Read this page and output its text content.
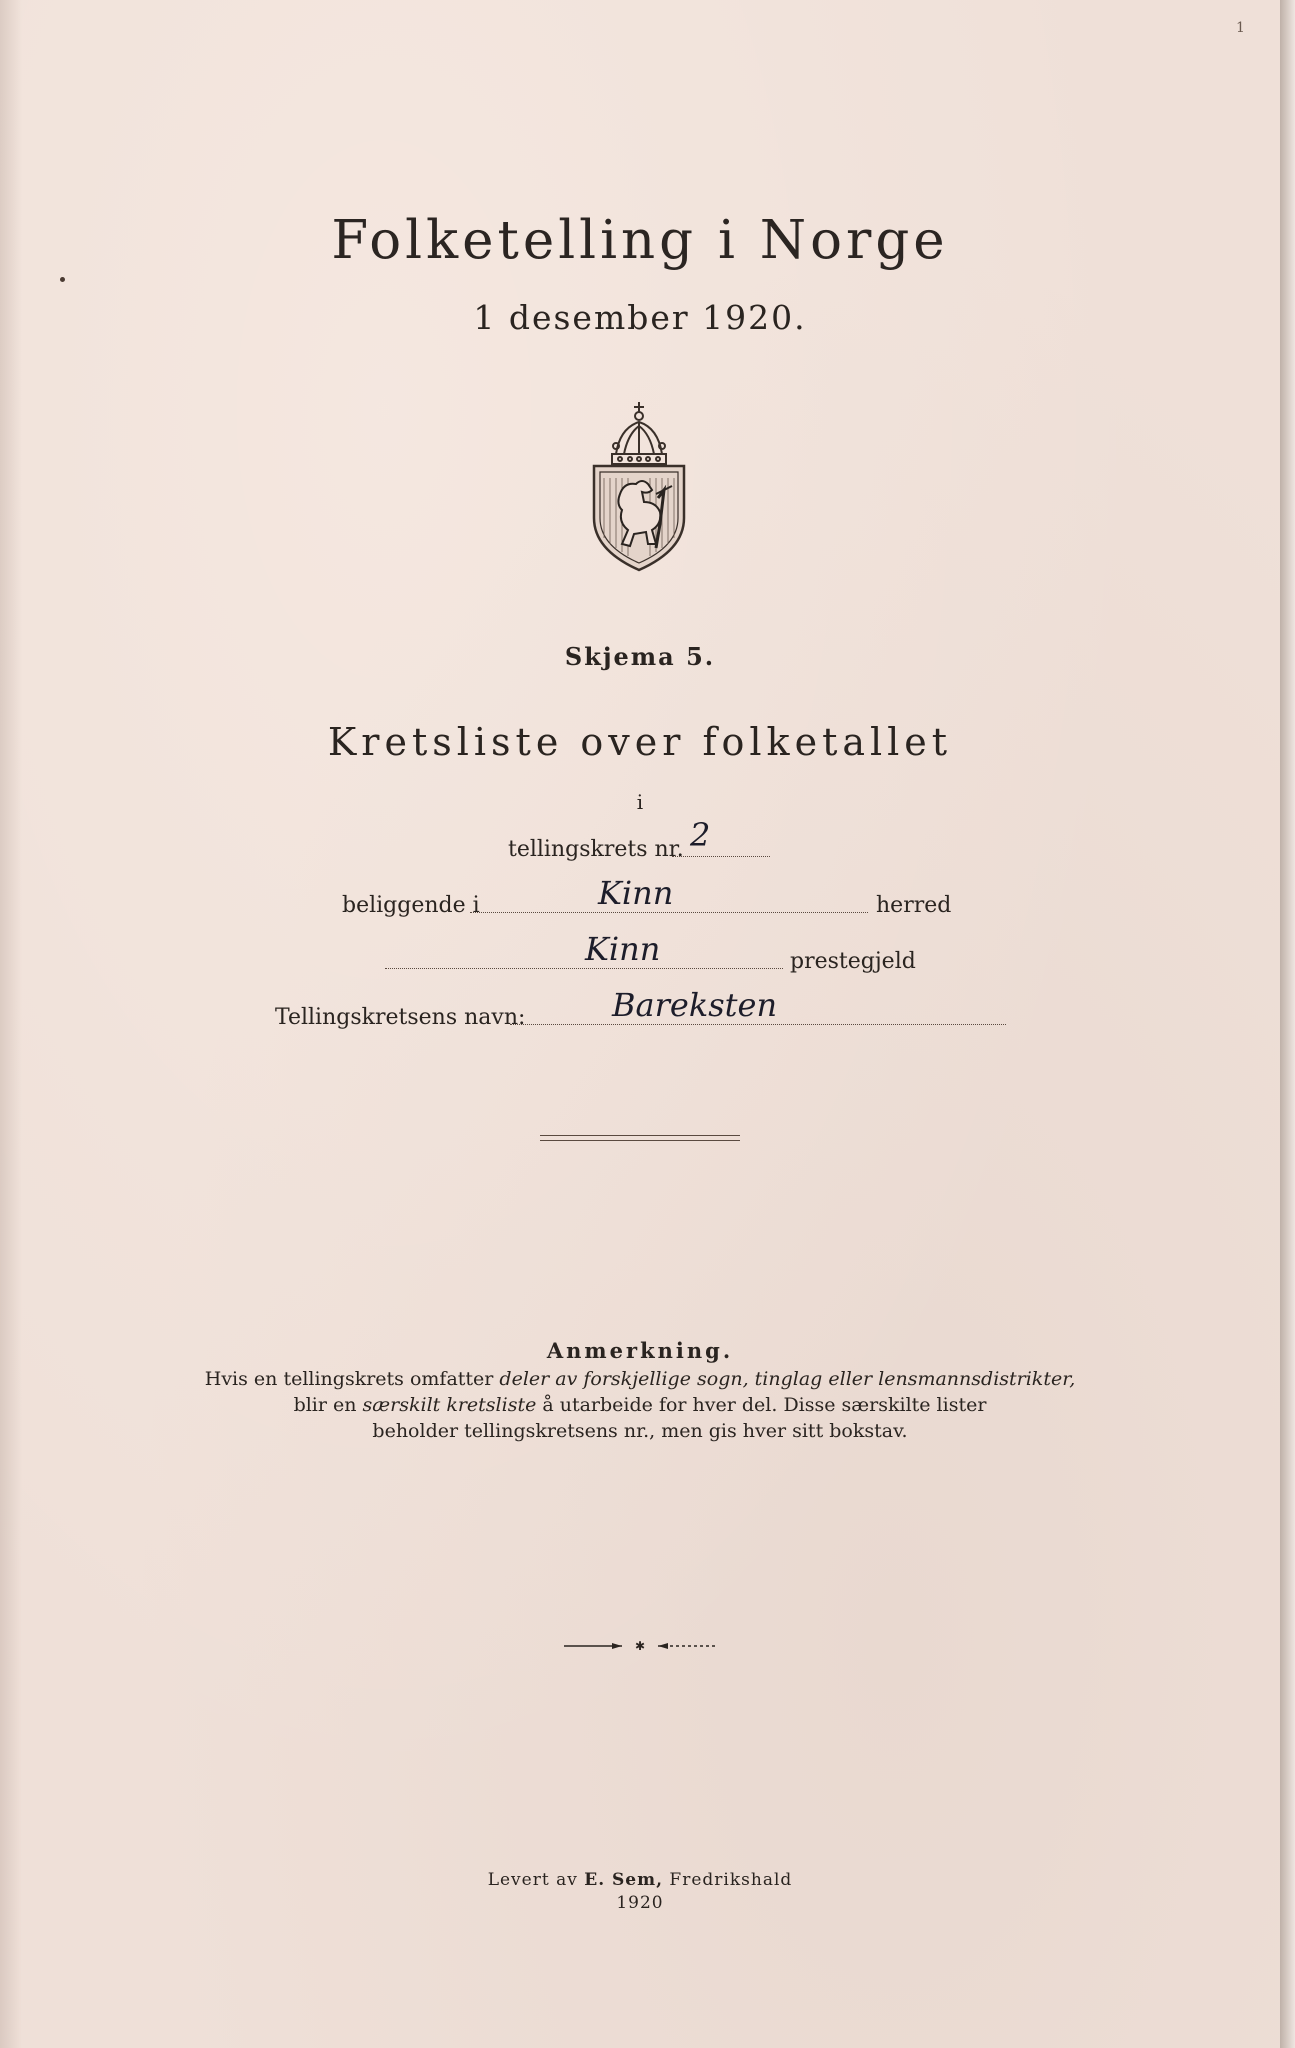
1
Folketelling i Norge
1 desember 1920.
Skjema 5.
Kretsliste over folketallet
i
tellingskrets nr. 2
beliggende i	Kinn	herred
Kinn	prestegjeld
Tellingskretsens navn:	Bareksten
Anmerkning.
Hvis en tellingskrets omfatter deler av forskjellige sogn, tinglag eller lensmannsdistrikter,
blir en særskilt kretsliste å utarbeide for hver del. Disse særskilte lister
beholder tellingskretsens nr., men gis hver sitt bokstav.
✱
Levert av E. Sem, Fredrikshald
1920
